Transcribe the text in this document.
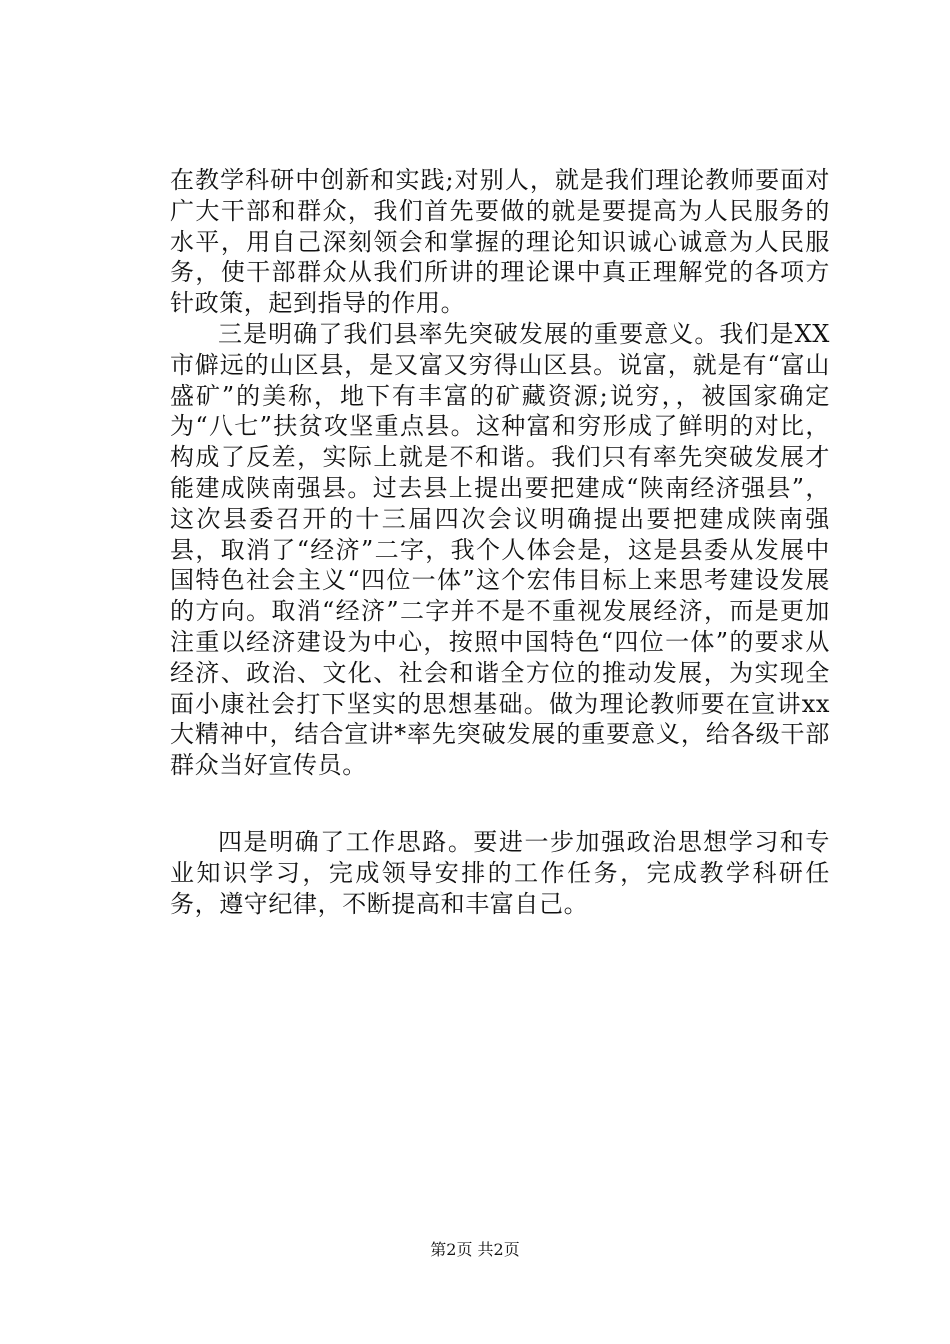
在教学科研中创新和实践;对别人，就是我们理论教师要面对广大干部和群众，我们首先要做的就是要提高为人民服务的水平，用自己深刻领会和掌握的理论知识诚心诚意为人民服务，使干部群众从我们所讲的理论课中真正理解党的各项方针政策，起到指导的作用。

三是明确了我们县率先突破发展的重要意义。我们是XX市僻远的山区县，是又富又穷得山区县。说富，就是有“富山盛矿”的美称，地下有丰富的矿藏资源;说穷，，被国家确定为“八七”扶贫攻坚重点县。这种富和穷形成了鲜明的对比，构成了反差，实际上就是不和谐。我们只有率先突破发展才能建成陕南强县。过去县上提出要把建成“陕南经济强县”，这次县委召开的十三届四次会议明确提出要把建成陕南强县，取消了“经济”二字，我个人体会是，这是县委从发展中国特色社会主义“四位一体”这个宏伟目标上来思考建设发展的方向。取消“经济”二字并不是不重视发展经济，而是更加注重以经济建设为中心，按照中国特色“四位一体”的要求从经济、政治、文化、社会和谐全方位的推动发展，为实现全面小康社会打下坚实的思想基础。做为理论教师要在宣讲xx大精神中，结合宣讲*率先突破发展的重要意义，给各级干部群众当好宣传员。

四是明确了工作思路。要进一步加强政治思想学习和专业知识学习，完成领导安排的工作任务，完成教学科研任务，遵守纪律，不断提高和丰富自己。

第2页 共2页
